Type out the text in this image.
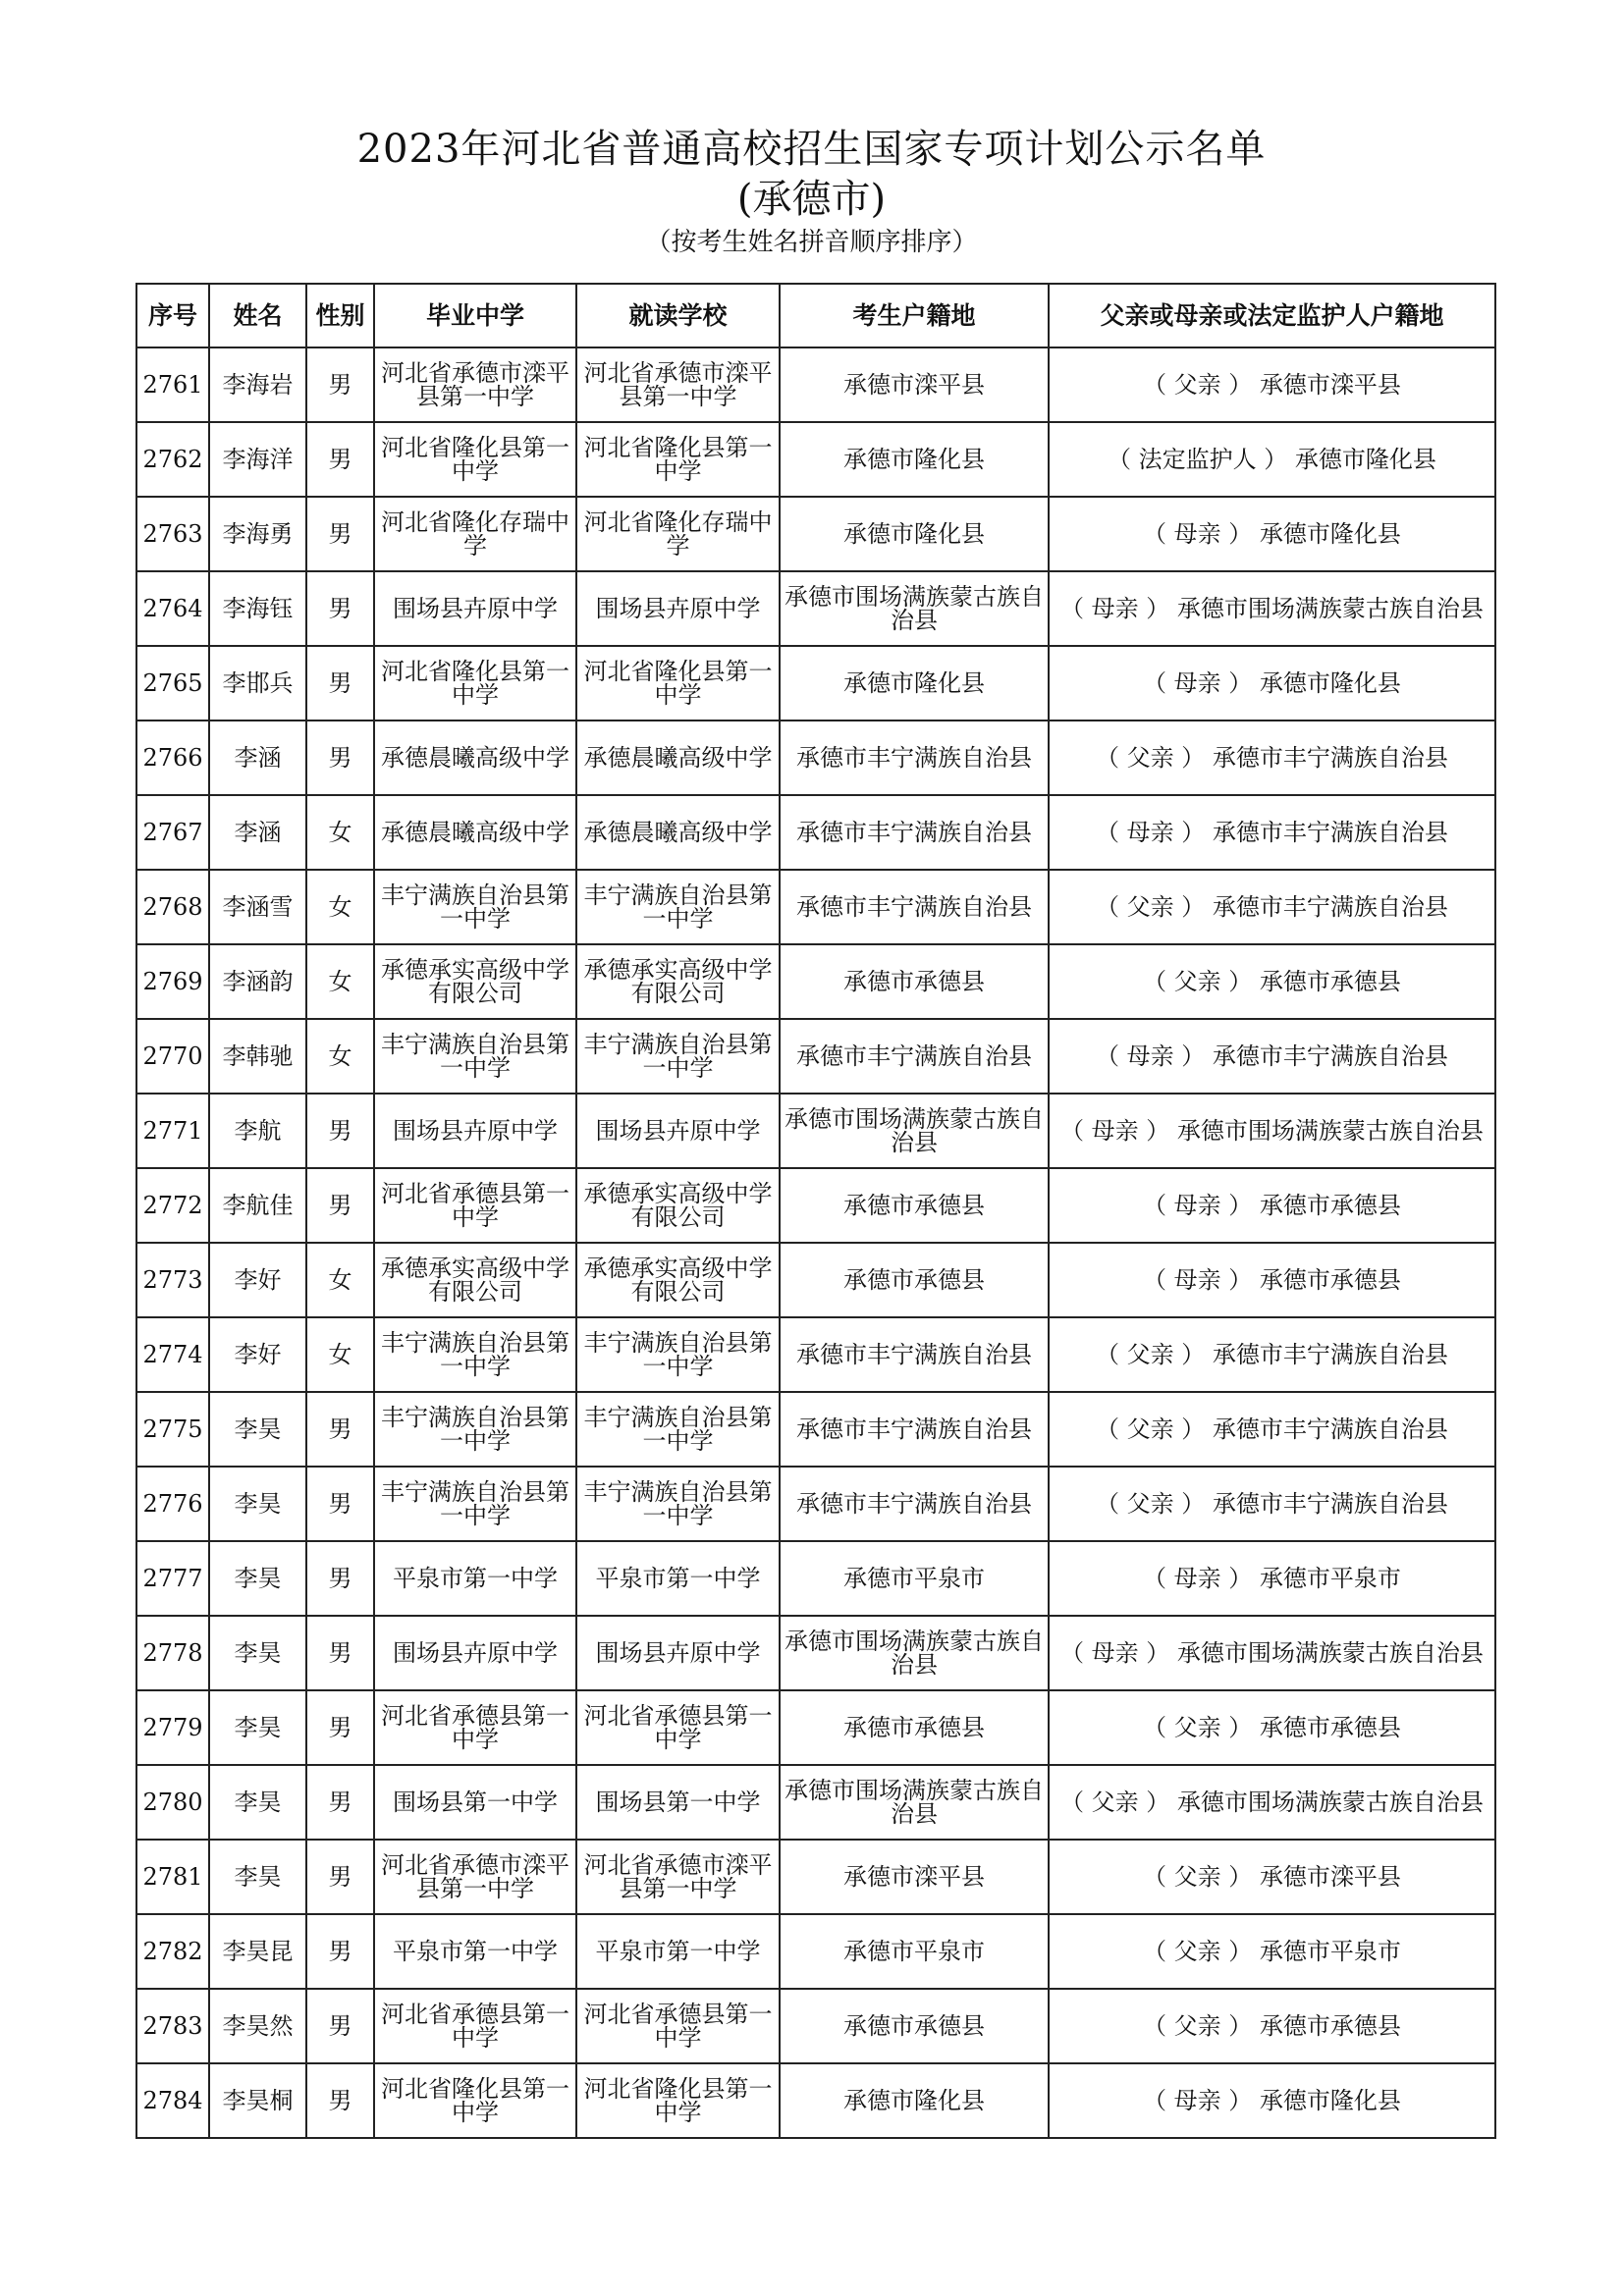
2023年河北省普通高校招生国家专项计划公示名单
(承德市)
（按考生姓名拼音顺序排序）
序号	姓名	性别	毕业中学	就读学校	考生户籍地	父亲或母亲或法定监护人户籍地
2761	李海岩	男	河北省承德市滦平县第一中学	河北省承德市滦平县第一中学	承德市滦平县	（ 父亲 ） 承德市滦平县
2762	李海洋	男	河北省隆化县第一中学	河北省隆化县第一中学	承德市隆化县	（ 法定监护人 ） 承德市隆化县
2763	李海勇	男	河北省隆化存瑞中学	河北省隆化存瑞中学	承德市隆化县	（ 母亲 ） 承德市隆化县
2764	李海钰	男	围场县卉原中学	围场县卉原中学	承德市围场满族蒙古族自治县	（ 母亲 ） 承德市围场满族蒙古族自治县
2765	李邯兵	男	河北省隆化县第一中学	河北省隆化县第一中学	承德市隆化县	（ 母亲 ） 承德市隆化县
2766	李涵	男	承德晨曦高级中学	承德晨曦高级中学	承德市丰宁满族自治县	（ 父亲 ） 承德市丰宁满族自治县
2767	李涵	女	承德晨曦高级中学	承德晨曦高级中学	承德市丰宁满族自治县	（ 母亲 ） 承德市丰宁满族自治县
2768	李涵雪	女	丰宁满族自治县第一中学	丰宁满族自治县第一中学	承德市丰宁满族自治县	（ 父亲 ） 承德市丰宁满族自治县
2769	李涵韵	女	承德承实高级中学有限公司	承德承实高级中学有限公司	承德市承德县	（ 父亲 ） 承德市承德县
2770	李韩驰	女	丰宁满族自治县第一中学	丰宁满族自治县第一中学	承德市丰宁满族自治县	（ 母亲 ） 承德市丰宁满族自治县
2771	李航	男	围场县卉原中学	围场县卉原中学	承德市围场满族蒙古族自治县	（ 母亲 ） 承德市围场满族蒙古族自治县
2772	李航佳	男	河北省承德县第一中学	承德承实高级中学有限公司	承德市承德县	（ 母亲 ） 承德市承德县
2773	李好	女	承德承实高级中学有限公司	承德承实高级中学有限公司	承德市承德县	（ 母亲 ） 承德市承德县
2774	李好	女	丰宁满族自治县第一中学	丰宁满族自治县第一中学	承德市丰宁满族自治县	（ 父亲 ） 承德市丰宁满族自治县
2775	李昊	男	丰宁满族自治县第一中学	丰宁满族自治县第一中学	承德市丰宁满族自治县	（ 父亲 ） 承德市丰宁满族自治县
2776	李昊	男	丰宁满族自治县第一中学	丰宁满族自治县第一中学	承德市丰宁满族自治县	（ 父亲 ） 承德市丰宁满族自治县
2777	李昊	男	平泉市第一中学	平泉市第一中学	承德市平泉市	（ 母亲 ） 承德市平泉市
2778	李昊	男	围场县卉原中学	围场县卉原中学	承德市围场满族蒙古族自治县	（ 母亲 ） 承德市围场满族蒙古族自治县
2779	李昊	男	河北省承德县第一中学	河北省承德县第一中学	承德市承德县	（ 父亲 ） 承德市承德县
2780	李昊	男	围场县第一中学	围场县第一中学	承德市围场满族蒙古族自治县	（ 父亲 ） 承德市围场满族蒙古族自治县
2781	李昊	男	河北省承德市滦平县第一中学	河北省承德市滦平县第一中学	承德市滦平县	（ 父亲 ） 承德市滦平县
2782	李昊昆	男	平泉市第一中学	平泉市第一中学	承德市平泉市	（ 父亲 ） 承德市平泉市
2783	李昊然	男	河北省承德县第一中学	河北省承德县第一中学	承德市承德县	（ 父亲 ） 承德市承德县
2784	李昊桐	男	河北省隆化县第一中学	河北省隆化县第一中学	承德市隆化县	（ 母亲 ） 承德市隆化县
